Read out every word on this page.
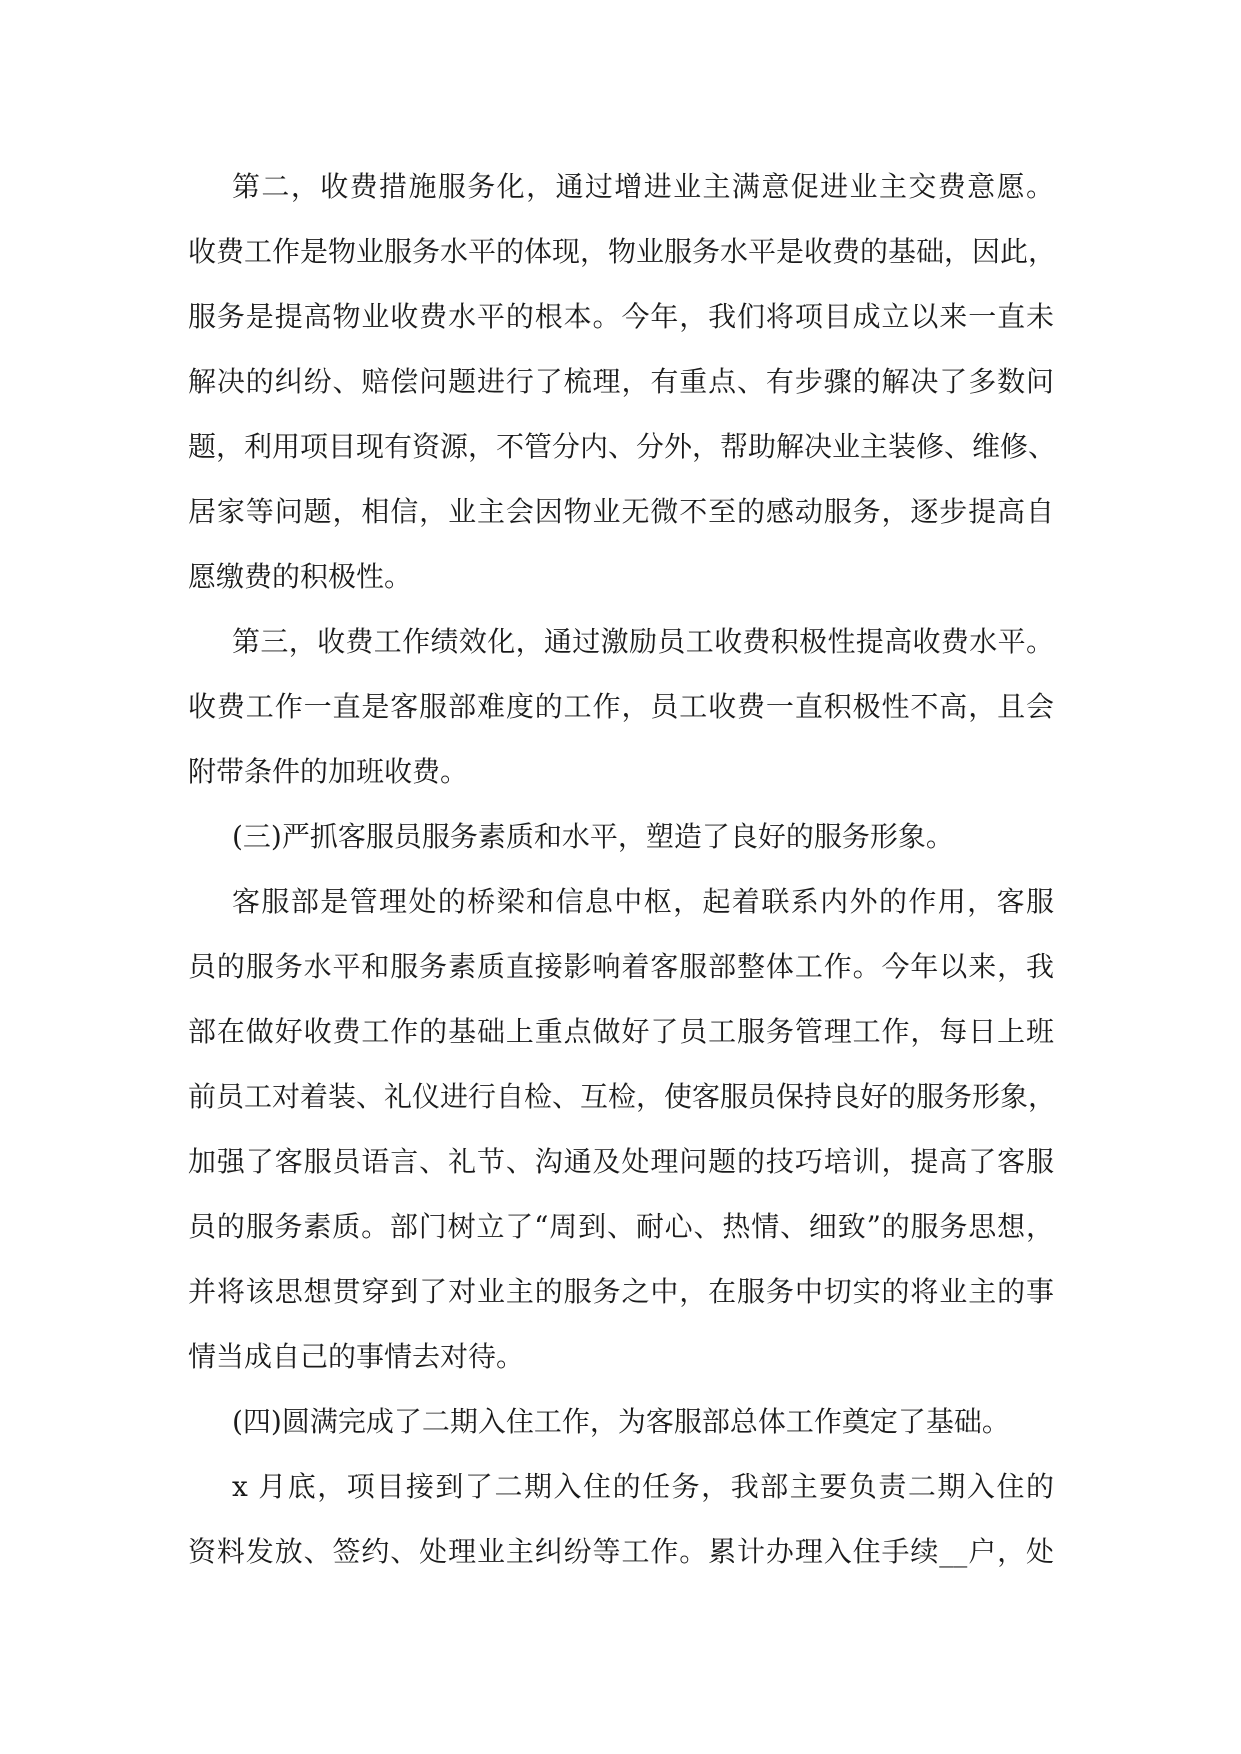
第二，收费措施服务化，通过增进业主满意促进业主交费意愿。
收费工作是物业服务水平的体现，物业服务水平是收费的基础，因此，
服务是提高物业收费水平的根本。今年，我们将项目成立以来一直未
解决的纠纷、赔偿问题进行了梳理，有重点、有步骤的解决了多数问
题，利用项目现有资源，不管分内、分外，帮助解决业主装修、维修、
居家等问题，相信，业主会因物业无微不至的感动服务，逐步提高自
愿缴费的积极性。
第三，收费工作绩效化，通过激励员工收费积极性提高收费水平。
收费工作一直是客服部难度的工作，员工收费一直积极性不高，且会
附带条件的加班收费。
(三)严抓客服员服务素质和水平，塑造了良好的服务形象。
客服部是管理处的桥梁和信息中枢，起着联系内外的作用，客服
员的服务水平和服务素质直接影响着客服部整体工作。今年以来，我
部在做好收费工作的基础上重点做好了员工服务管理工作，每日上班
前员工对着装、礼仪进行自检、互检，使客服员保持良好的服务形象，
加强了客服员语言、礼节、沟通及处理问题的技巧培训，提高了客服
员的服务素质。部门树立了“周到、耐心、热情、细致”的服务思想，
并将该思想贯穿到了对业主的服务之中，在服务中切实的将业主的事
情当成自己的事情去对待。
(四)圆满完成了二期入住工作，为客服部总体工作奠定了基础。
x 月底，项目接到了二期入住的任务，我部主要负责二期入住的
资料发放、签约、处理业主纠纷等工作。累计办理入住手续__户，处
